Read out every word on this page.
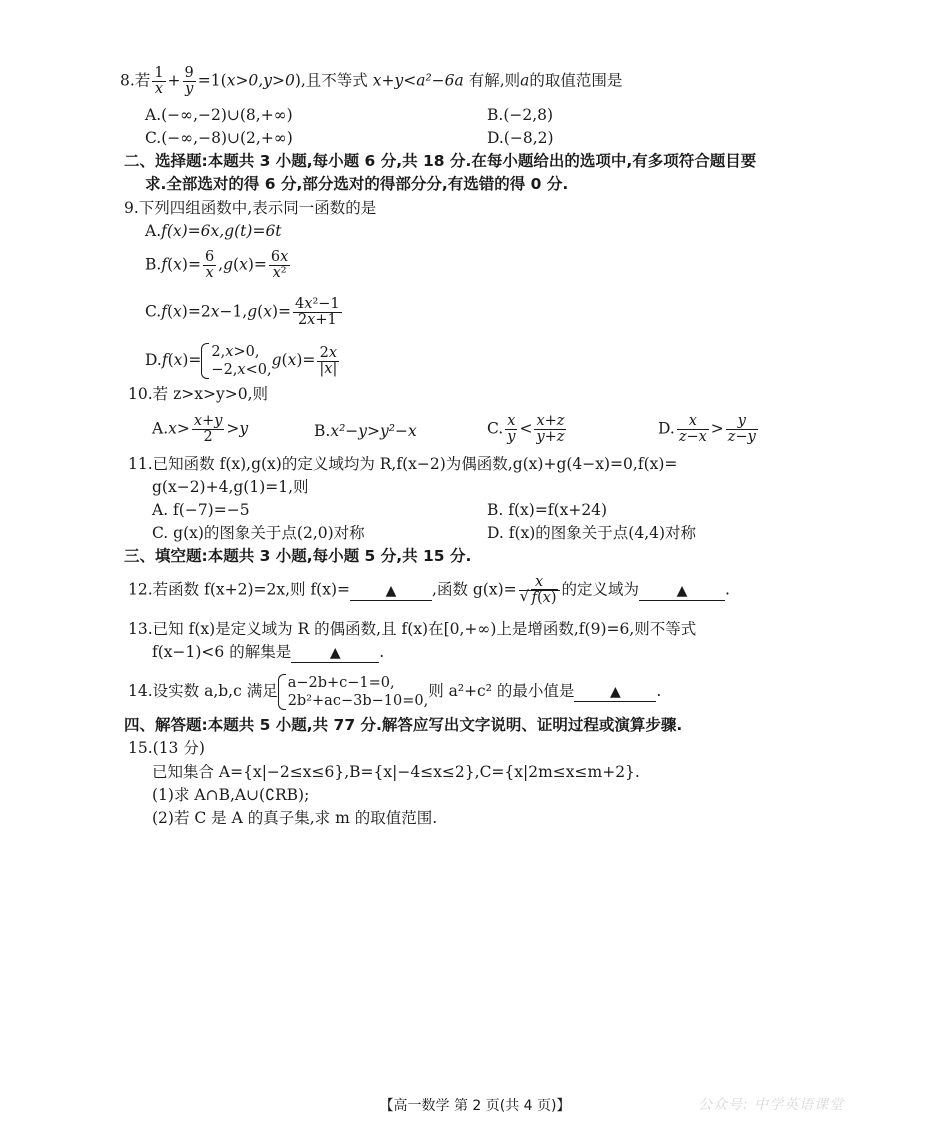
8.若 $\frac{1}{x} + \frac{9}{y} =1(x>0,y>0)$,且不等式 x+y<a²−6a 有解,则a的取值范围是
A.(−∞,−2)∪(8,+∞)	B.(−2,8)
C.(−∞,−8)∪(2,+∞)	D.(−8,2)
二、选择题:本题共 3 小题,每小题 6 分,共 18 分.在每小题给出的选项中,有多项符合题目要
求.全部选对的得 6 分,部分选对的得部分分,有选错的得 0 分.
9.下列四组函数中,表示同一函数的是
A.f(x)=6x,g(t)=6t
$B.f(x)= \frac{6}{x} ,g(x)= \frac{6x}{\text{x²}}$
$C.f(x)=2x-1,g(x)= \frac{\text{4x²−1}}{2x+1}$
D.f(x)= 2,x>0,
−2,x<0,
$g(x)= \frac{2x}{|x|}$
10.若 z>x>y>0,则
$A.x> \frac{x+y}{2} >y$	B.x²−y>y²−x	C. $\frac{x}{y} < \frac{x+z}{y+z}$	D. $\frac{x}{z-x} > \frac{y}{z-y}$
11.已知函数 f(x),g(x)的定义域均为 R,f(x−2)为偶函数,g(x)+g(4−x)=0,f(x)=
g(x−2)+4,g(1)=1,则
A. f(−7)=−5	B. f(x)=f(x+24)
C. g(x)的图象关于点(2,0)对称	D. f(x)的图象关于点(4,4)对称
三、填空题:本题共 3 小题,每小题 5 分,共 15 分.
12.若函数 f(x+2)=2x,则 f(x)=	▲ ,函数 g(x)= x
√ f(x) 的定义域为	▲ .
13.已知 f(x)是定义域为 R 的偶函数,且 f(x)在[0,+∞)上是增函数,f(9)=6,则不等式
f(x−1)<6 的解集是	▲ .
14.设实数 a,b,c 满足 a−2b+c−1=0,
2b²+ac−3b−10=0,
则 a²+c² 的最小值是	▲ .
四、解答题:本题共 5 小题,共 77 分.解答应写出文字说明、证明过程或演算步骤.
15.(13 分)
已知集合 A={x|−2≤x≤6},B={x|−4≤x≤2},C={x|2m≤x≤m+2}.
(1)求 A∩B,A∪(∁RB);
(2)若 C 是 A 的真子集,求 m 的取值范围.
【高一数学 第 2 页(共 4 页)】	公众号: 中学英语课堂
